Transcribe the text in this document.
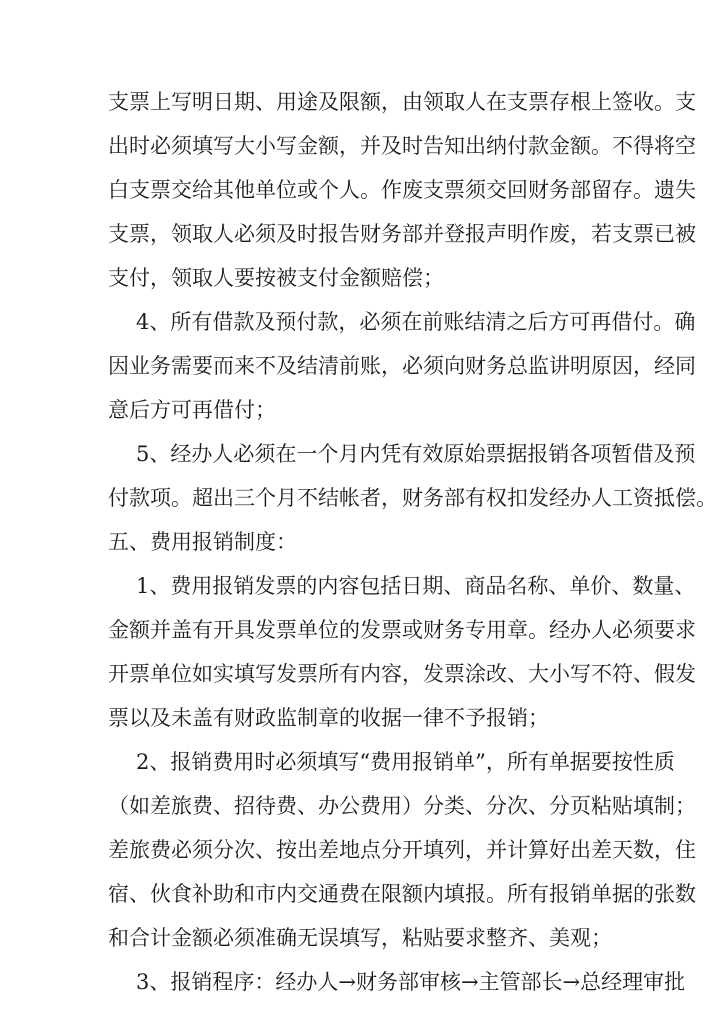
支票上写明日期、用途及限额，由领取人在支票存根上签收。支
出时必须填写大小写金额，并及时告知出纳付款金额。不得将空
白支票交给其他单位或个人。作废支票须交回财务部留存。遗失
支票，领取人必须及时报告财务部并登报声明作废，若支票已被
支付，领取人要按被支付金额赔偿；
4、所有借款及预付款，必须在前账结清之后方可再借付。确
因业务需要而来不及结清前账，必须向财务总监讲明原因，经同
意后方可再借付；
5、经办人必须在一个月内凭有效原始票据报销各项暂借及预
付款项。超出三个月不结帐者，财务部有权扣发经办人工资抵偿。
五、费用报销制度：
1、费用报销发票的内容包括日期、商品名称、单价、数量、
金额并盖有开具发票单位的发票或财务专用章。经办人必须要求
开票单位如实填写发票所有内容，发票涂改、大小写不符、假发
票以及未盖有财政监制章的收据一律不予报销；
2、报销费用时必须填写“费用报销单”，所有单据要按性质
（如差旅费、招待费、办公费用）分类、分次、分页粘贴填制；
差旅费必须分次、按出差地点分开填列，并计算好出差天数，住
宿、伙食补助和市内交通费在限额内填报。所有报销单据的张数
和合计金额必须准确无误填写，粘贴要求整齐、美观；
3、报销程序：经办人→财务部审核→主管部长→总经理审批
